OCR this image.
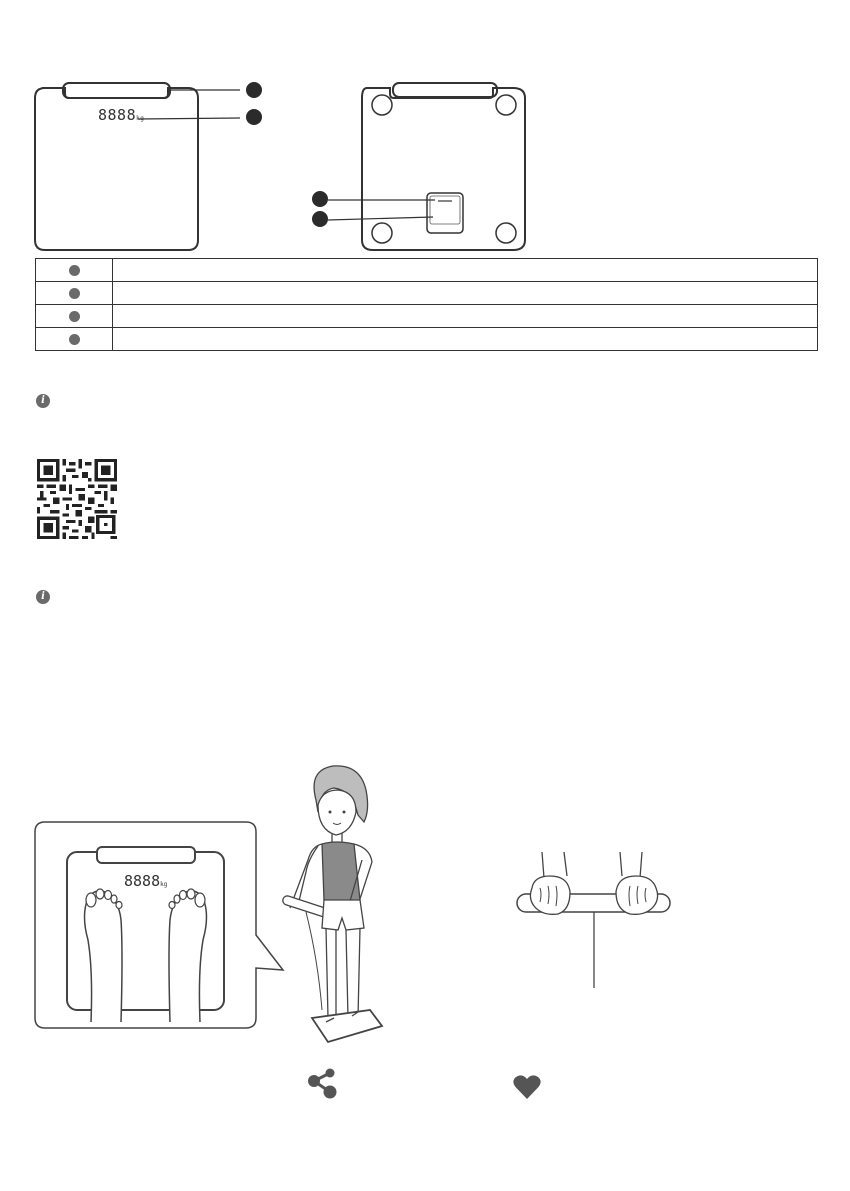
8888kg

i
i
8888kg
